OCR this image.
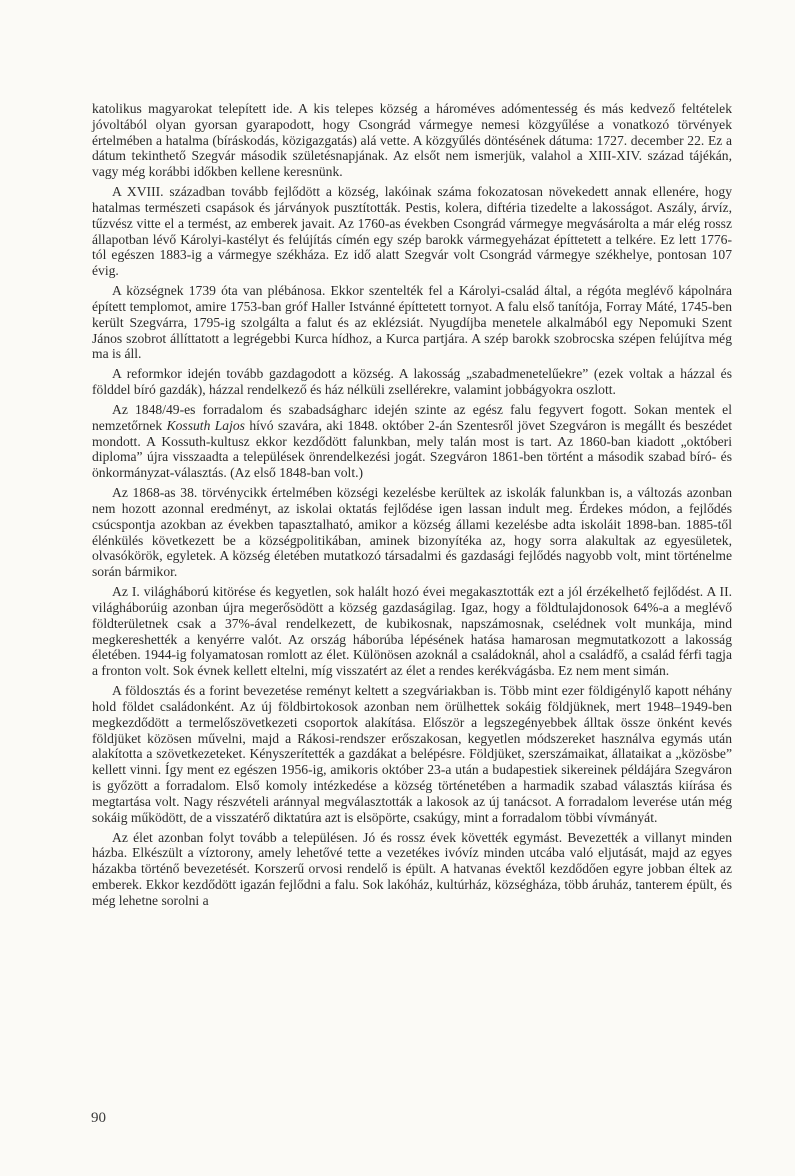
katolikus magyarokat telepített ide. A kis telepes község a hároméves adómentesség és más kedvező feltételek jóvoltából olyan gyorsan gyarapodott, hogy Csongrád vármegye nemesi közgyűlése a vonatkozó törvények értelmében a hatalma (bíráskodás, közigazgatás) alá vette. A közgyűlés döntésének dátuma: 1727. december 22. Ez a dátum tekinthető Szegvár második születésnapjának. Az elsőt nem ismerjük, valahol a XIII-XIV. század tájékán, vagy még korábbi időkben kellene keresnünk.

A XVIII. században tovább fejlődött a község, lakóinak száma fokozatosan növekedett annak ellenére, hogy hatalmas természeti csapások és járványok pusztították. Pestis, kolera, diftéria tizedelte a lakosságot. Aszály, árvíz, tűzvész vitte el a termést, az emberek javait. Az 1760-as években Csongrád vármegye megvásárolta a már elég rossz állapotban lévő Károlyi-kastélyt és felújítás címén egy szép barokk vármegyeházat építtetett a telkére. Ez lett 1776-tól egészen 1883-ig a vármegye székháza. Ez idő alatt Szegvár volt Csongrád vármegye székhelye, pontosan 107 évig.

A községnek 1739 óta van plébánosa. Ekkor szentelték fel a Károlyi-család által, a régóta meglévő kápolnára épített templomot, amire 1753-ban gróf Haller Istvánné építtetett tornyot. A falu első tanítója, Forray Máté, 1745-ben került Szegvárra, 1795-ig szolgálta a falut és az eklézsiát. Nyugdíjba menetele alkalmából egy Nepomuki Szent János szobrot állíttatott a legrégebbi Kurca hídhoz, a Kurca partjára. A szép barokk szobrocska szépen felújítva még ma is áll.

A reformkor idején tovább gazdagodott a község. A lakosság „szabadmenetelűekre” (ezek voltak a házzal és földdel bíró gazdák), házzal rendelkező és ház nélküli zsellérekre, valamint jobbágyokra oszlott.

Az 1848/49-es forradalom és szabadságharc idején szinte az egész falu fegyvert fogott. Sokan mentek el nemzetőrnek Kossuth Lajos hívó szavára, aki 1848. október 2-án Szentesről jövet Szegváron is megállt és beszédet mondott. A Kossuth-kultusz ekkor kezdődött falunkban, mely talán most is tart. Az 1860-ban kiadott „októberi diploma” újra visszaadta a települések önrendelkezési jogát. Szegváron 1861-ben történt a második szabad bíró- és önkormányzat-választás. (Az első 1848-ban volt.)

Az 1868-as 38. törvénycikk értelmében községi kezelésbe kerültek az iskolák falunkban is, a változás azonban nem hozott azonnal eredményt, az iskolai oktatás fejlődése igen lassan indult meg. Érdekes módon, a fejlődés csúcspontja azokban az években tapasztalható, amikor a község állami kezelésbe adta iskoláit 1898-ban. 1885-től élénkülés következett be a községpolitikában, aminek bizonyítéka az, hogy sorra alakultak az egyesületek, olvasókörök, egyletek. A község életében mutatkozó társadalmi és gazdasági fejlődés nagyobb volt, mint történelme során bármikor.

Az I. világháború kitörése és kegyetlen, sok halált hozó évei megakasztották ezt a jól érzékelhető fejlődést. A II. világháborúig azonban újra megerősödött a község gazdaságilag. Igaz, hogy a földtulajdonosok 64%-a a meglévő földterületnek csak a 37%-ával rendelkezett, de kubikosnak, napszámosnak, cselédnek volt munkája, mind megkereshették a kenyérre valót. Az ország háborúba lépésének hatása hamarosan megmutatkozott a lakosság életében. 1944-ig folyamatosan romlott az élet. Különösen azoknál a családoknál, ahol a családfő, a család férfi tagja a fronton volt. Sok évnek kellett eltelni, míg visszatért az élet a rendes kerékvágásba. Ez nem ment simán.

A földosztás és a forint bevezetése reményt keltett a szegváriakban is. Több mint ezer földigénylő kapott néhány hold földet családonként. Az új földbirtokosok azonban nem örülhettek sokáig földjüknek, mert 1948–1949-ben megkezdődött a termelőszövetkezeti csoportok alakítása. Először a legszegényebbek álltak össze önként kevés földjüket közösen művelni, majd a Rákosi-rendszer erőszakosan, kegyetlen módszereket használva egymás után alakította a szövetkezeteket. Kényszerítették a gazdákat a belépésre. Földjüket, szerszámaikat, állataikat a „közösbe” kellett vinni. Így ment ez egészen 1956-ig, amikoris október 23-a után a budapestiek sikereinek példájára Szegváron is győzött a forradalom. Első komoly intézkedése a község történetében a harmadik szabad választás kiírása és megtartása volt. Nagy részvételi aránnyal megválasztották a lakosok az új tanácsot. A forradalom leverése után még sokáig működött, de a visszatérő diktatúra azt is elsöpörte, csakúgy, mint a forradalom többi vívmányát.

Az élet azonban folyt tovább a településen. Jó és rossz évek követték egymást. Bevezették a villanyt minden házba. Elkészült a víztorony, amely lehetővé tette a vezetékes ivóvíz minden utcába való eljutását, majd az egyes házakba történő bevezetését. Korszerű orvosi rendelő is épült. A hatvanas évektől kezdődően egyre jobban éltek az emberek. Ekkor kezdődött igazán fejlődni a falu. Sok lakóház, kultúrház, községháza, több áruház, tanterem épült, és még lehetne sorolni a

90
